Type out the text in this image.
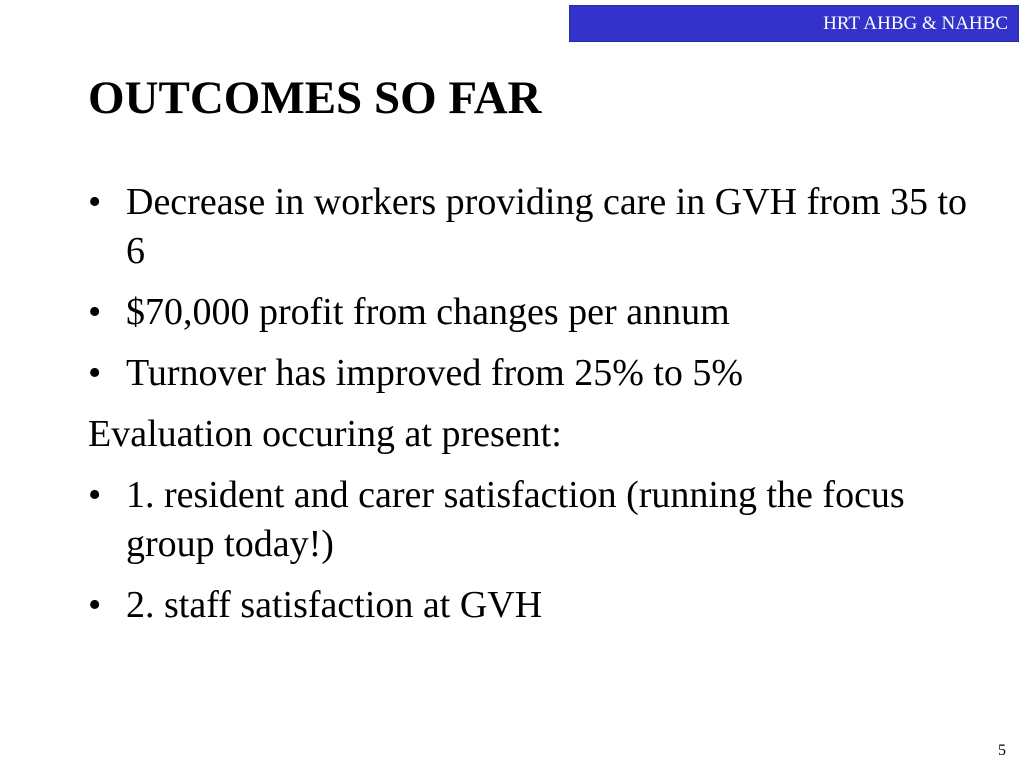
HRT AHBG & NAHBC
OUTCOMES SO FAR
• Decrease in workers providing care in GVH from 35 to 6
• $70,000 profit from changes per annum
• Turnover has improved from 25% to 5%
Evaluation occuring at present:
• 1. resident and carer satisfaction (running the focus group today!)
• 2. staff satisfaction at GVH
5
